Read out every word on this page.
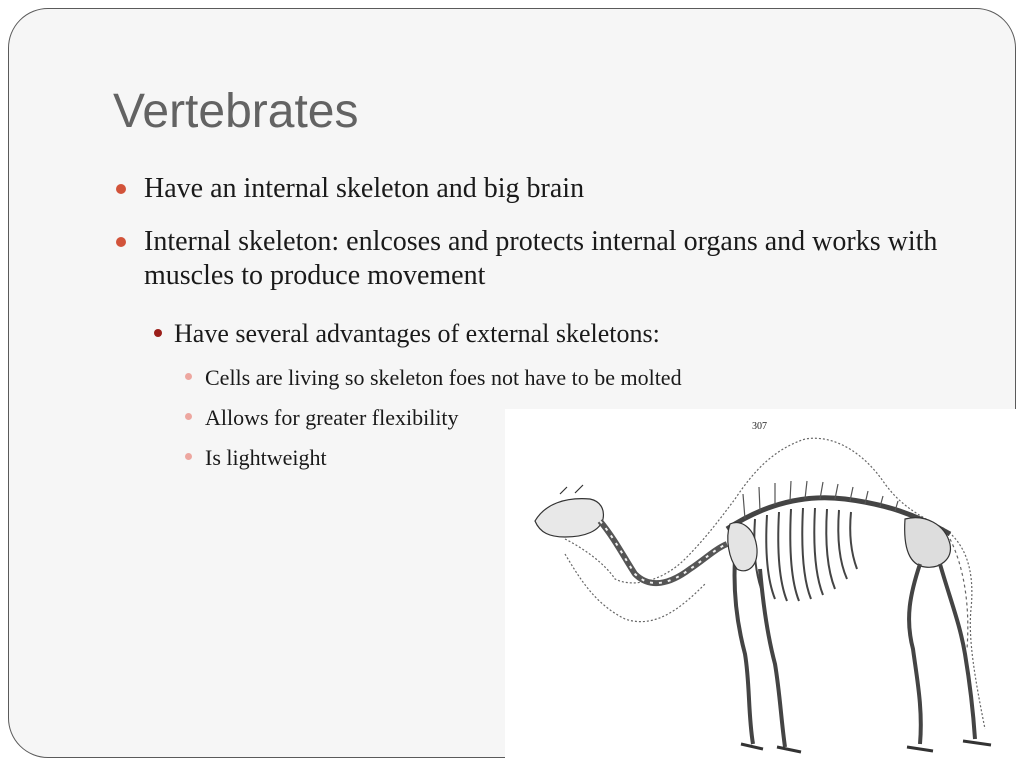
Vertebrates
Have an internal skeleton and big brain
Internal skeleton: enlcoses and protects internal organs and works with muscles to produce movement
Have several advantages of external skeletons:
Cells are living so skeleton foes not have to be molted
Allows for greater flexibility
Is lightweight
307
